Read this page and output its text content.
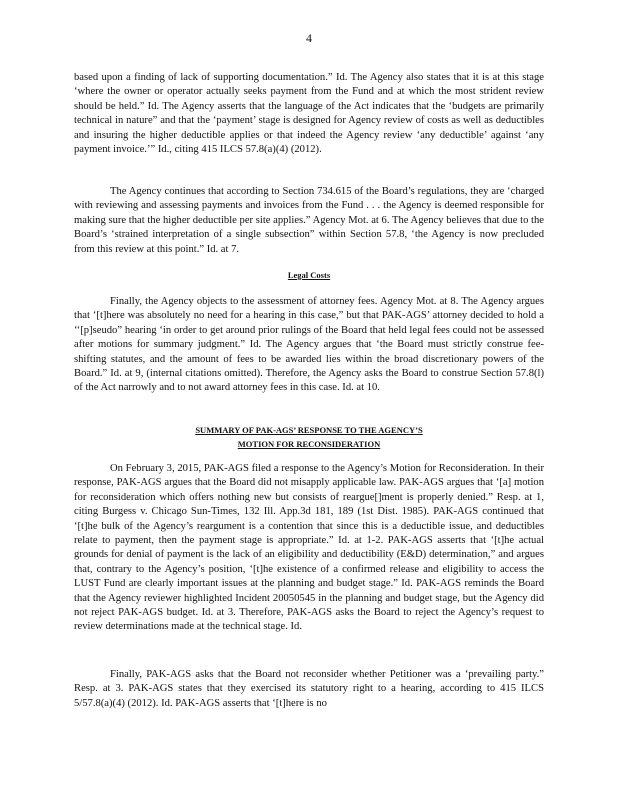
4

based upon a finding of lack of supporting documentation.” Id. The Agency also states that it is at this stage ‘where the owner or operator actually seeks payment from the Fund and at which the most strident review should be held.” Id. The Agency asserts that the language of the Act indicates that the ‘budgets are primarily technical in nature” and that the ‘payment’ stage is designed for Agency review of costs as well as deductibles and insuring the higher deductible applies or that indeed the Agency review ‘any deductible’ against ‘any payment invoice.’” Id., citing 415 ILCS 57.8(a)(4) (2012).

The Agency continues that according to Section 734.615 of the Board’s regulations, they are ‘charged with reviewing and assessing payments and invoices from the Fund . . . the Agency is deemed responsible for making sure that the higher deductible per site applies.” Agency Mot. at 6. The Agency believes that due to the Board’s ‘strained interpretation of a single subsection” within Section 57.8, ‘the Agency is now precluded from this review at this point.” Id. at 7.

Legal Costs

Finally, the Agency objects to the assessment of attorney fees. Agency Mot. at 8. The Agency argues that ‘[t]here was absolutely no need for a hearing in this case,” but that PAK-AGS’ attorney decided to hold a ‘‘[p]seudo” hearing ‘in order to get around prior rulings of the Board that held legal fees could not be assessed after motions for summary judgment.” Id. The Agency argues that ‘the Board must strictly construe fee-shifting statutes, and the amount of fees to be awarded lies within the broad discretionary powers of the Board.” Id. at 9, (internal citations omitted). Therefore, the Agency asks the Board to construe Section 57.8(l) of the Act narrowly and to not award attorney fees in this case. Id. at 10.

SUMMARY OF PAK-AGS’ RESPONSE TO THE AGENCY’S
MOTION FOR RECONSIDERATION

On February 3, 2015, PAK-AGS filed a response to the Agency’s Motion for Reconsideration. In their response, PAK-AGS argues that the Board did not misapply applicable law. PAK-AGS argues that ‘[a] motion for reconsideration which offers nothing new but consists of reargue[]ment is properly denied.” Resp. at 1, citing Burgess v. Chicago Sun-Times, 132 Ill. App.3d 181, 189 (1st Dist. 1985). PAK-AGS continued that ‘[t]he bulk of the Agency’s reargument is a contention that since this is a deductible issue, and deductibles relate to payment, then the payment stage is appropriate.” Id. at 1-2. PAK-AGS asserts that ‘[t]he actual grounds for denial of payment is the lack of an eligibility and deductibility (E&D) determination,” and argues that, contrary to the Agency’s position, ‘[t]he existence of a confirmed release and eligibility to access the LUST Fund are clearly important issues at the planning and budget stage.” Id. PAK-AGS reminds the Board that the Agency reviewer highlighted Incident 20050545 in the planning and budget stage, but the Agency did not reject PAK-AGS budget. Id. at 3. Therefore, PAK-AGS asks the Board to reject the Agency’s request to review determinations made at the technical stage. Id.

Finally, PAK-AGS asks that the Board not reconsider whether Petitioner was a ‘prevailing party.” Resp. at 3. PAK-AGS states that they exercised its statutory right to a hearing, according to 415 ILCS 5/57.8(a)(4) (2012). Id. PAK-AGS asserts that ‘[t]here is no
